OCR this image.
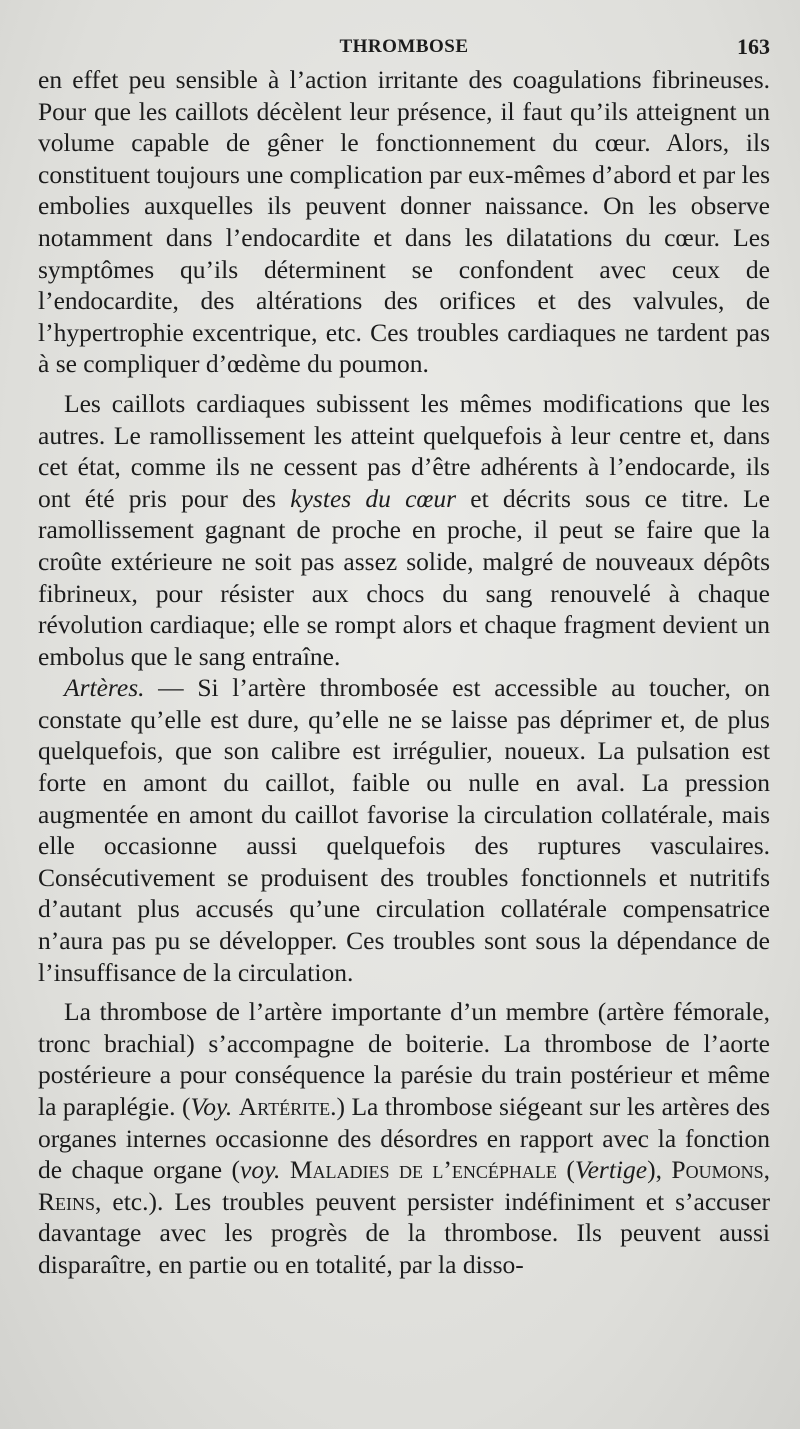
THROMBOSE	163

en effet peu sensible à l’action irritante des coagulations fibrineuses. Pour que les caillots décèlent leur présence, il faut qu’ils atteignent un volume capable de gêner le fonctionnement du cœur. Alors, ils constituent toujours une complication par eux-mêmes d’abord et par les embolies auxquelles ils peuvent donner naissance. On les observe notamment dans l’endocardite et dans les dilatations du cœur. Les symptômes qu’ils déterminent se confondent avec ceux de l’endocardite, des altérations des orifices et des valvules, de l’hypertrophie excentrique, etc. Ces troubles cardiaques ne tardent pas à se compliquer d’œdème du poumon.

Les caillots cardiaques subissent les mêmes modifications que les autres. Le ramollissement les atteint quelquefois à leur centre et, dans cet état, comme ils ne cessent pas d’être adhérents à l’endocarde, ils ont été pris pour des kystes du cœur et décrits sous ce titre. Le ramollissement gagnant de proche en proche, il peut se faire que la croûte extérieure ne soit pas assez solide, malgré de nouveaux dépôts fibrineux, pour résister aux chocs du sang renouvelé à chaque révolution cardiaque; elle se rompt alors et chaque fragment devient un embolus que le sang entraîne.

Artères. — Si l’artère thrombosée est accessible au toucher, on constate qu’elle est dure, qu’elle ne se laisse pas déprimer et, de plus quelquefois, que son calibre est irrégulier, noueux. La pulsation est forte en amont du caillot, faible ou nulle en aval. La pression augmentée en amont du caillot favorise la circulation collatérale, mais elle occasionne aussi quelquefois des ruptures vasculaires. Consécutivement se produisent des troubles fonctionnels et nutritifs d’autant plus accusés qu’une circulation collatérale compensatrice n’aura pas pu se développer. Ces troubles sont sous la dépendance de l’insuffisance de la circulation.

La thrombose de l’artère importante d’un membre (artère fémorale, tronc brachial) s’accompagne de boiterie. La thrombose de l’aorte postérieure a pour conséquence la parésie du train postérieur et même la paraplégie. (Voy. Artérite.) La thrombose siégeant sur les artères des organes internes occasionne des désordres en rapport avec la fonction de chaque organe (voy. Maladies de l’encéphale (Vertige), Poumons, Reins, etc.). Les troubles peuvent persister indéfiniment et s’accuser davantage avec les progrès de la thrombose. Ils peuvent aussi disparaître, en partie ou en totalité, par la disso-
